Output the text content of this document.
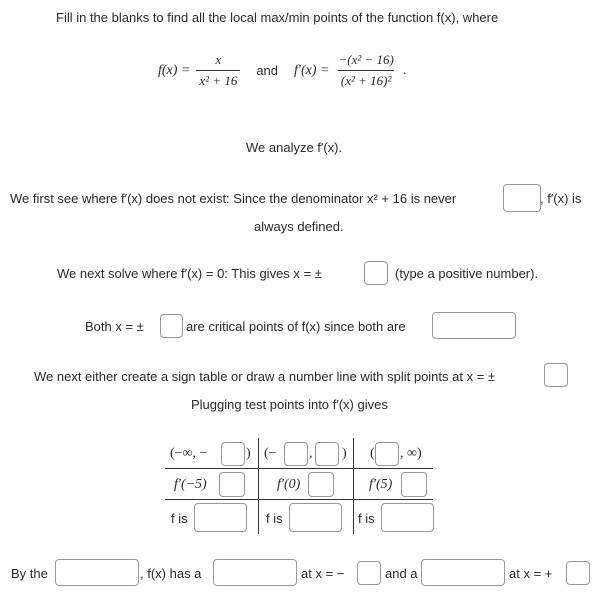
Fill in the blanks to find all the local max/min points of the function f(x), where
$f(x) = \frac{x}{\text{x² + 16}}$ and $f'(x) = \frac{\text{−(x² − 16)}}{\text{(x² + 16)²}}$ .
We analyze f′(x).
We first see where f′(x) does not exist: Since the denominator x² + 16 is never	, f′(x) is
always defined.
We next solve where f′(x) = 0: This gives x = ±	(type a positive number).
Both x = ±	are critical points of f(x) since both are
We next either create a sign table or draw a number line with split points at x = ±
Plugging test points into f′(x) gives
(−∞, −	) (− , ) ( , ∞)
f′(−5)	f′(0)	f′(5)
f is	f is	f is
By the	, f(x) has a	at x = −	and a	at x = +
